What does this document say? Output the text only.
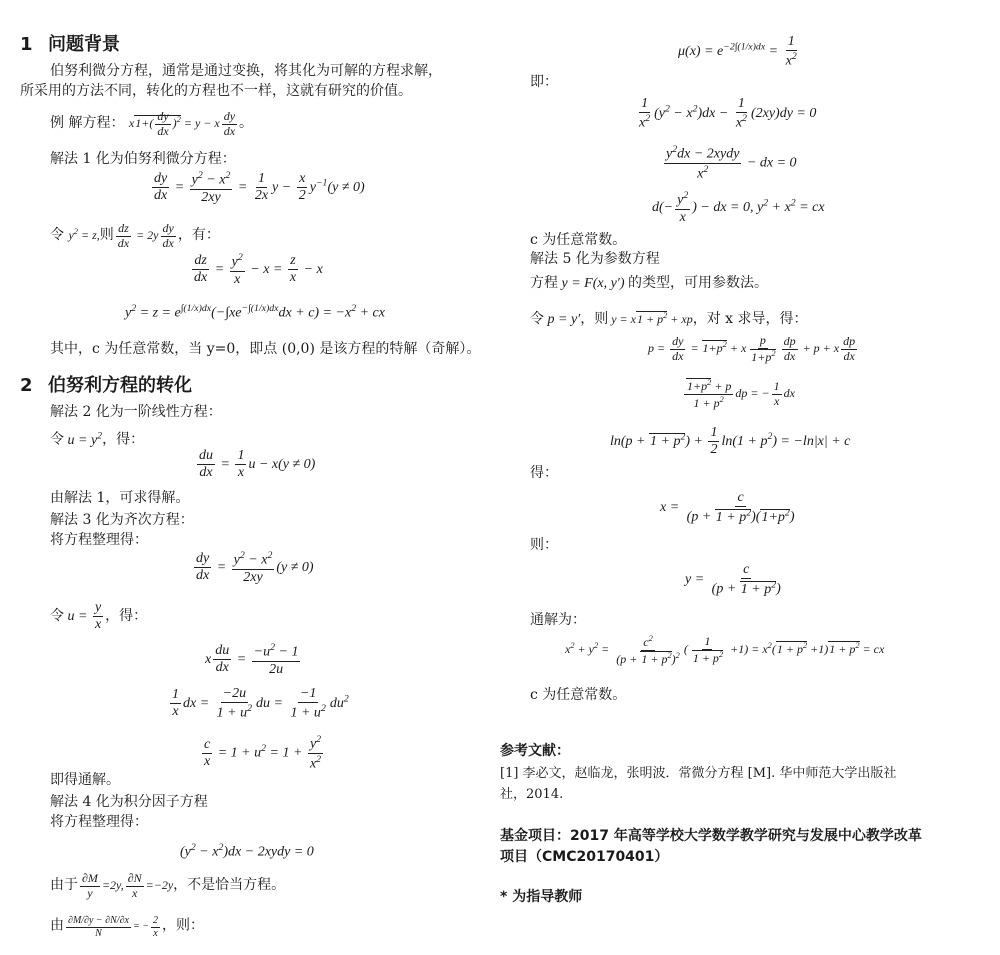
1 问题背景
伯努利微分方程，通常是通过变换，将其化为可解的方程求解，
所采用的方法不同，转化的方程也不一样，这就有研究的价值。
例 解方程： $x1+( \frac{dy}{dx} )^2 = y - x \frac{dy}{dx}$ 。
解法 1 化为伯努利微分方程：
$\frac{dy}{dx} = \frac{y^2 - x^2}{2xy} = \frac{1}{2x}$ $y - \frac{x}{2} y^{-1}(y \ne 0)$
令 $y^2 = z$,则 $\frac{dz}{dx} = 2y \frac{dy}{dx}$ ，有：
$\frac{dz}{dx} = \frac{y^2}{x} - x = \frac{z}{x} - x$
$y^2 = z = e^{\int(1/x)dx}(-\int xe^{-\int(1/x)dx}dx + c) = -x^2$ + cx
其中，c 为任意常数，当 y=0，即点 (0,0) 是该方程的特解（奇解）。
2 伯努利方程的转化
解法 2 化为一阶线性方程：
令 $u = y^2$，得：
$\frac{du}{dx} = \frac{1}{x}$ u − x(y ≠ 0)
由解法 1，可求得解。
解法 3 化为齐次方程：
将方程整理得：
$\frac{dy}{dx} = \frac{y^2 - x^2}{2xy} (y \ne 0)$
令 $u = \frac{y}{x}$ ，得：
x $\frac{du}{dx} = \frac{-u^2 - 1}{2u}$
$\frac{1}{x}$ dx = $\frac{-2u}{1 + u^2}$ du = $\frac{-1}{1 + u^2} du^2$
$\frac{c}{x} = 1 + u^2 = 1 + \frac{y^2}{x^2}$
即得通解。
解法 4 化为积分因子方程
将方程整理得：
$(y^2 - x^2)dx$ − 2xydy = 0
由于 $\frac{\partial M}{y} =2y$, $\frac{\partial N}{x} =-2y$，不是恰当方程。
由 $\frac{\partial M/\partial y - \partial N/\partial x}{N}$ = − $\frac{2}{x}$ ，则：
$\mu(x) = e^{-2\int(1/x)dx} = \frac{1}{x^2}$
即：
$\frac{1}{x^2} (y^2 - x^2)dx - \frac{1}{x^2} (2xy)dy = 0$
$\frac{y^2dx - 2xydy}{x^2}$ − dx = 0
$d(- \frac{y^2}{x}$ ) − dx = 0, $y^2 + x^2$ = cx
c 为任意常数。
解法 5 化为参数方程
方程 y = F(x, y′) 的类型，可用参数法。
令 p = y′，则 $y = x1 + p^2$ + xp，对 x 求导，得：
$p = \frac{dy}{dx} = 1+p^2 + x \frac{p}{1+p^2} \frac{dp}{dx} + p + x \frac{dp}{dx}$
$\frac{1+p^2 + p}{1 + p^2}$ dp = − $\frac{1}{x}$ dx
$\ln(p + 1 + p^2) + \frac{1}{2} \ln(1 + p^2) = -\ln|x| + c$
得：
$x = \frac{c}{(p + 1 + p^2)(1+p^2)}$
则：
$y = \frac{c}{(p + 1 + p^2)}$
通解为：
$x^2 + y^2 = \frac{c^2}{(p + 1 + p^2)^2}$ ( $\frac{1}{1 + p^2} +1) = x^2(1 + p^2 +1)1 + p^2$ = cx
c 为任意常数。
参考文献：
[1] 李必文，赵临龙，张明波．常微分方程 [M]. 华中师范大学出版社
社，2014.
基金项目：2017 年高等学校大学数学教学研究与发展中心教学改革
项目（CMC20170401）
* 为指导教师
